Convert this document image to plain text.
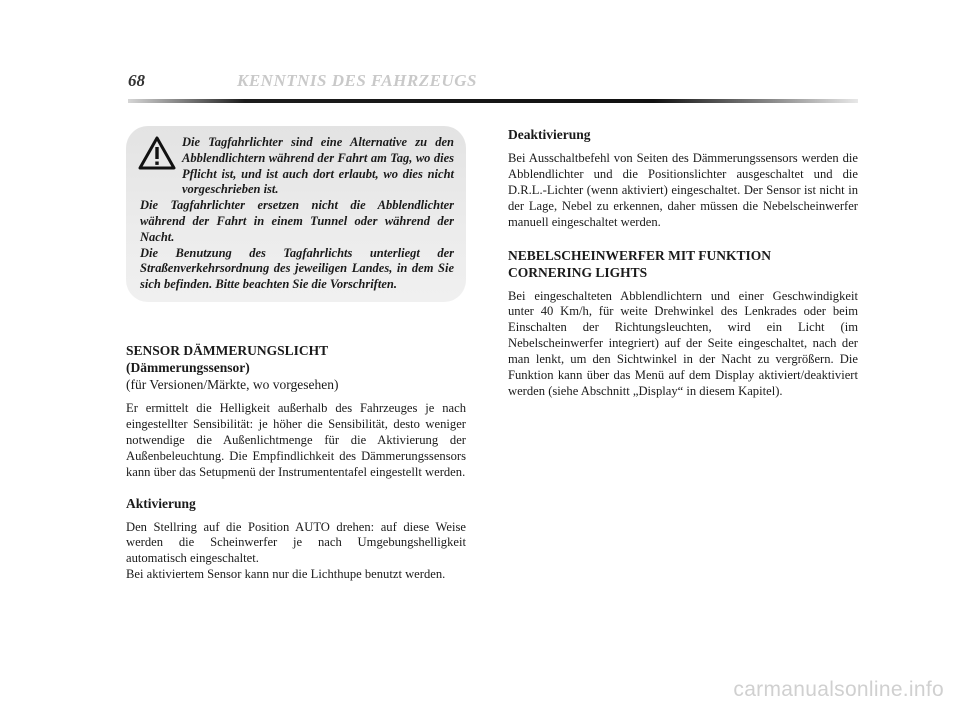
68	KENNTNIS DES FAHRZEUGS

Die Tagfahrlichter sind eine Alternative zu den Abblendlichtern während der Fahrt am Tag, wo dies Pflicht ist, und ist auch dort erlaubt, wo dies nicht vorgeschrieben ist.
Die Tagfahrlichter ersetzen nicht die Abblendlichter während der Fahrt in einem Tunnel oder während der Nacht.
Die Benutzung des Tagfahrlichts unterliegt der Straßenverkehrsordnung des jeweiligen Landes, in dem Sie sich befinden. Bitte beachten Sie die Vorschriften.

SENSOR DÄMMERUNGSLICHT
(Dämmerungssensor)
(für Versionen/Märkte, wo vorgesehen)

Er ermittelt die Helligkeit außerhalb des Fahrzeuges je nach eingestellter Sensibilität: je höher die Sensibilität, desto weniger notwendige die Außenlichtmenge für die Aktivierung der Außenbeleuchtung. Die Empfindlichkeit des Dämmerungssensors kann über das Setupmenü der Instrumententafel eingestellt werden.

Aktivierung

Den Stellring auf die Position AUTO drehen: auf diese Weise werden die Scheinwerfer je nach Umgebungshelligkeit automatisch eingeschaltet.

Bei aktiviertem Sensor kann nur die Lichthupe benutzt werden.

Deaktivierung

Bei Ausschaltbefehl von Seiten des Dämmerungssensors werden die Abblendlichter und die Positionslichter ausgeschaltet und die D.R.L.-Lichter (wenn aktiviert) eingeschaltet. Der Sensor ist nicht in der Lage, Nebel zu erkennen, daher müssen die Nebelscheinwerfer manuell eingeschaltet werden.

NEBELSCHEINWERFER MIT FUNKTION
CORNERING LIGHTS

Bei eingeschalteten Abblendlichtern und einer Geschwindigkeit unter 40 Km/h, für weite Drehwinkel des Lenkrades oder beim Einschalten der Richtungsleuchten, wird ein Licht (im Nebelscheinwerfer integriert) auf der Seite eingeschaltet, nach der man lenkt, um den Sichtwinkel in der Nacht zu vergrößern. Die Funktion kann über das Menü auf dem Display aktiviert/deaktiviert werden (siehe Abschnitt „Display“ in diesem Kapitel).

carmanualsonline.info
